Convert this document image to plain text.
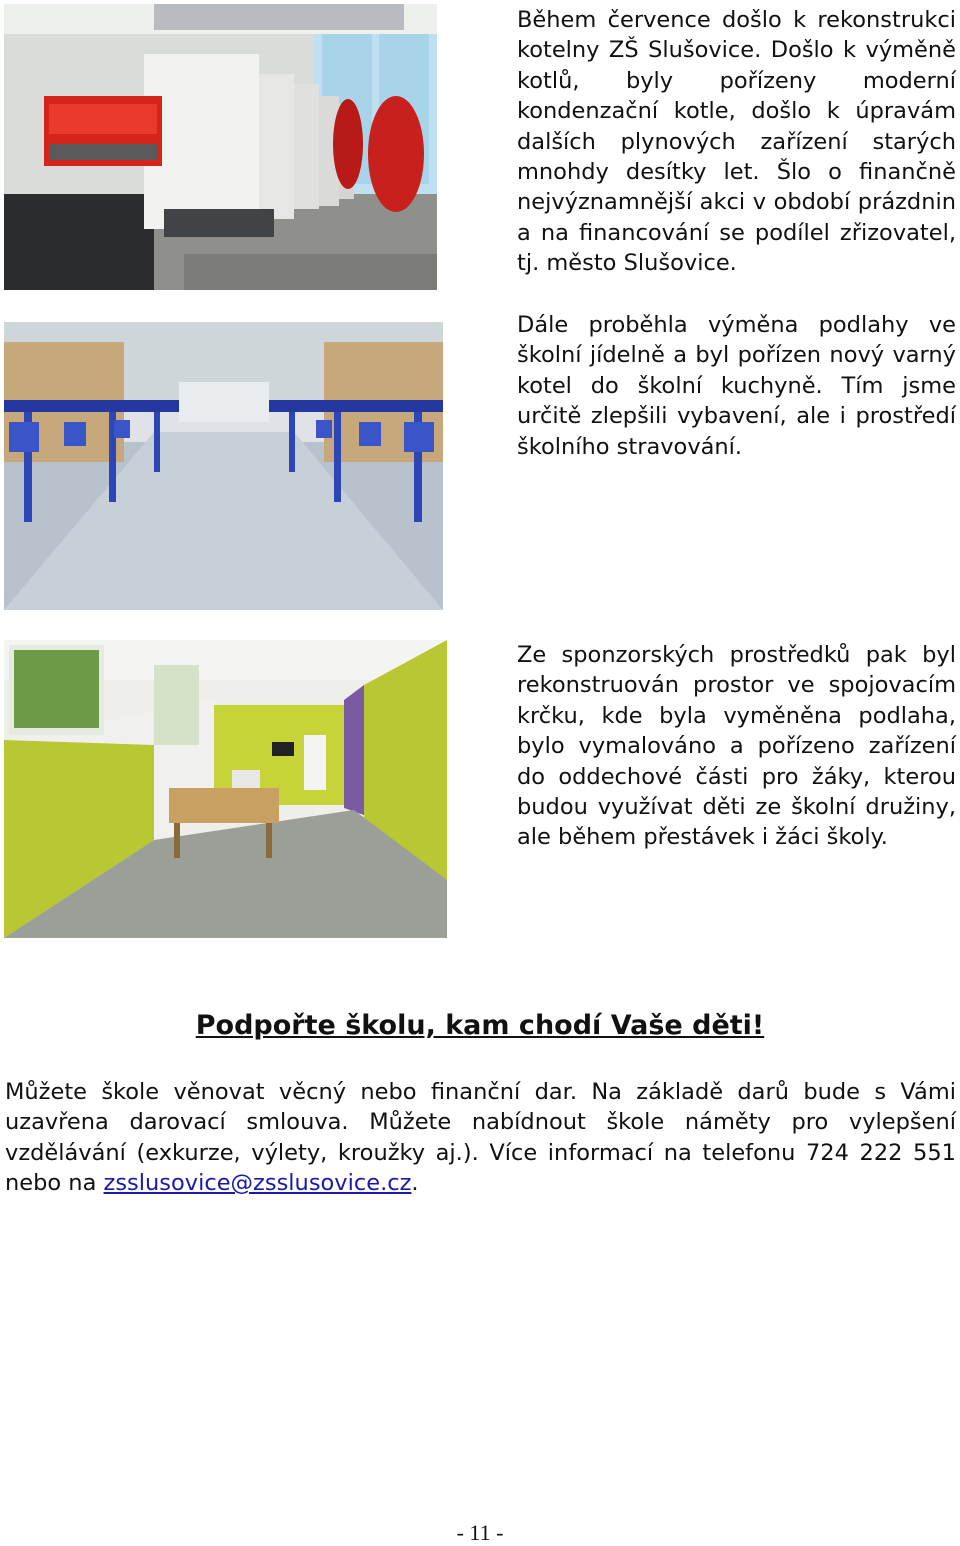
Během července došlo k rekonstrukci kotelny ZŠ Slušovice. Došlo k výměně kotlů, byly pořízeny moderní kondenzační kotle, došlo k úpravám dalších plynových zařízení starých mnohdy desítky let. Šlo o finančně nejvýznamnější akci v období prázdnin a na financování se podílel zřizovatel, tj. město Slušovice.

Dále proběhla výměna podlahy ve školní jídelně a byl pořízen nový varný kotel do školní kuchyně. Tím jsme určitě zlepšili vybavení, ale i prostředí školního stravování.

Ze sponzorských prostředků pak byl rekonstruován prostor ve spojovacím krčku, kde byla vyměněna podlaha, bylo vymalováno a pořízeno zařízení do oddechové části pro žáky, kterou budou využívat děti ze školní družiny, ale během přestávek i žáci školy.

Podpořte školu, kam chodí Vaše děti!

Můžete škole věnovat věcný nebo finanční dar. Na základě darů bude s Vámi uzavřena darovací smlouva. Můžete nabídnout škole náměty pro vylepšení vzdělávání (exkurze, výlety, kroužky aj.). Více informací na telefonu 724 222 551 nebo na zsslusovice@zsslusovice.cz.

- 11 -
